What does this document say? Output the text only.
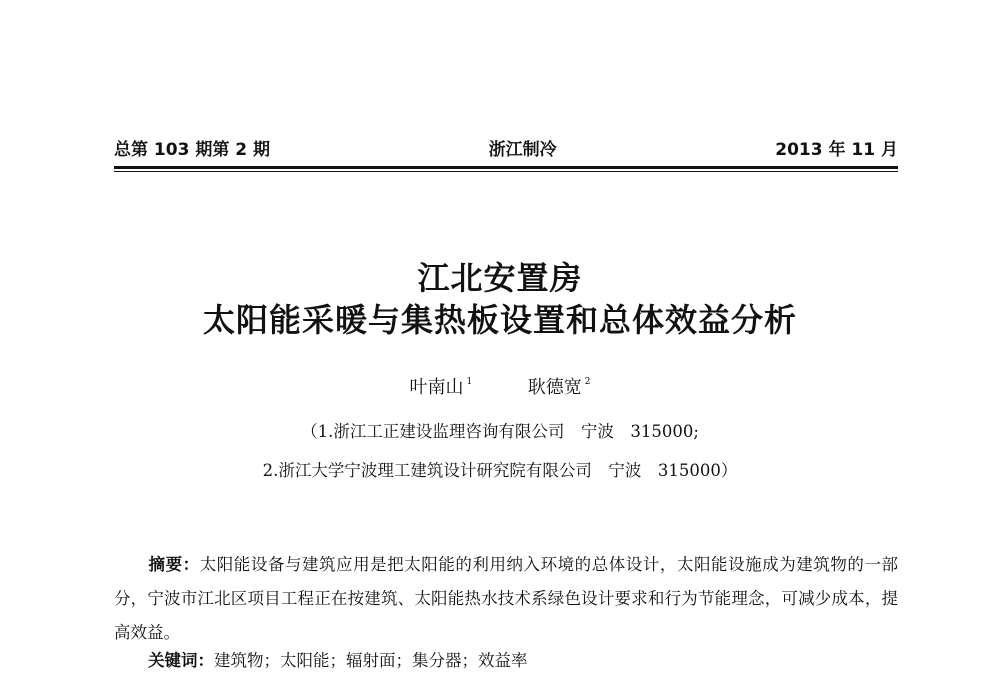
总第 103 期第 2 期	浙江制冷	2013 年 11 月
江北安置房
太阳能采暖与集热板设置和总体效益分析
叶南山 $^1$	耿德宽 $^2$
（1.浙江工正建设监理咨询有限公司　宁波　315000;
2.浙江大学宁波理工建筑设计研究院有限公司　宁波　315000）
摘要：太阳能设备与建筑应用是把太阳能的利用纳入环境的总体设计，太阳能设施成为建筑物的一部分，宁波市江北区项目工程正在按建筑、太阳能热水技术系绿色设计要求和行为节能理念，可减少成本，提高效益。
关键词：建筑物；太阳能；辐射面；集分器；效益率
